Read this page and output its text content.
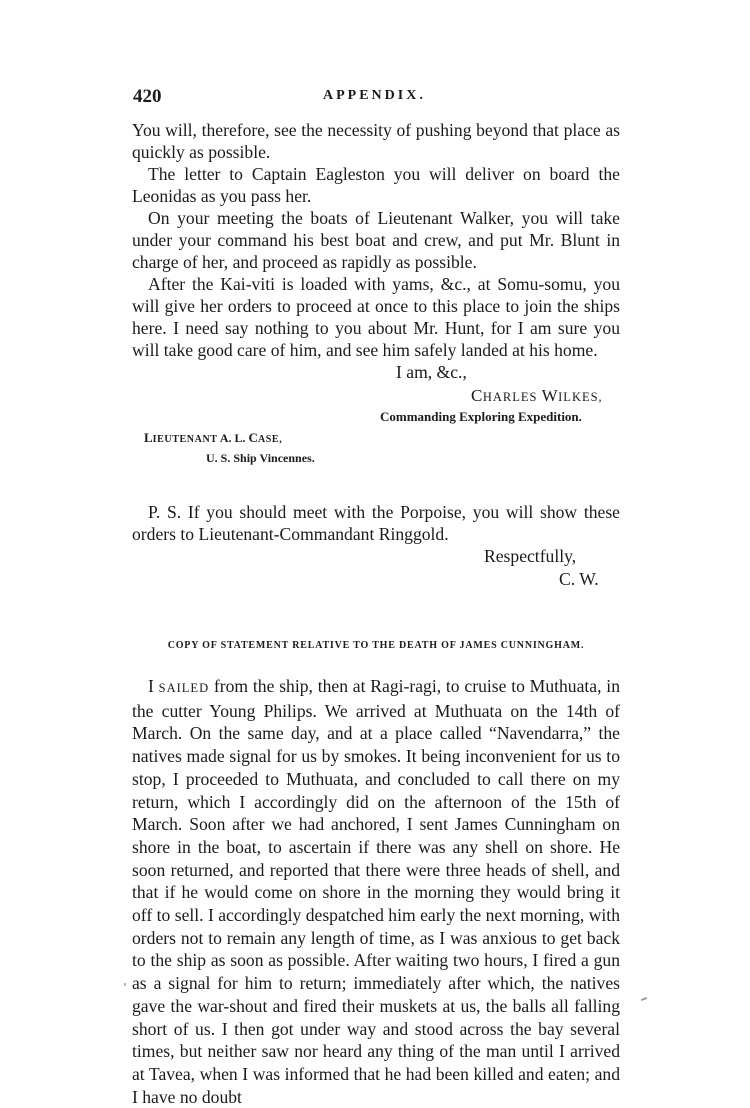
420	APPENDIX.

You will, therefore, see the necessity of pushing beyond that place as quickly as possible.

The letter to Captain Eagleston you will deliver on board the Leonidas as you pass her.

On your meeting the boats of Lieutenant Walker, you will take under your command his best boat and crew, and put Mr. Blunt in charge of her, and proceed as rapidly as possible.

After the Kai-viti is loaded with yams, &c., at Somu-somu, you will give her orders to proceed at once to this place to join the ships here. I need say nothing to you about Mr. Hunt, for I am sure you will take good care of him, and see him safely landed at his home.

I am, &c.,

CHARLES WILKES,

Commanding Exploring Expedition.

LIEUTENANT A. L. CASE,
U. S. Ship Vincennes.

P. S. If you should meet with the Porpoise, you will show these orders to Lieutenant-Commandant Ringgold.

Respectfully,

C. W.

COPY OF STATEMENT RELATIVE TO THE DEATH OF JAMES CUNNINGHAM.

I SAILED from the ship, then at Ragi-ragi, to cruise to Muthuata, in the cutter Young Philips. We arrived at Muthuata on the 14th of March. On the same day, and at a place called “Navendarra,” the natives made signal for us by smokes. It being inconvenient for us to stop, I proceeded to Muthuata, and concluded to call there on my return, which I accordingly did on the afternoon of the 15th of March. Soon after we had anchored, I sent James Cunningham on shore in the boat, to ascertain if there was any shell on shore. He soon returned, and reported that there were three heads of shell, and that if he would come on shore in the morning they would bring it off to sell. I accordingly despatched him early the next morning, with orders not to remain any length of time, as I was anxious to get back to the ship as soon as possible. After waiting two hours, I fired a gun as a signal for him to return; immediately after which, the natives gave the war-shout and fired their muskets at us, the balls all falling short of us. I then got under way and stood across the bay several times, but neither saw nor heard any thing of the man until I arrived at Tavea, when I was informed that he had been killed and eaten; and I have no doubt
